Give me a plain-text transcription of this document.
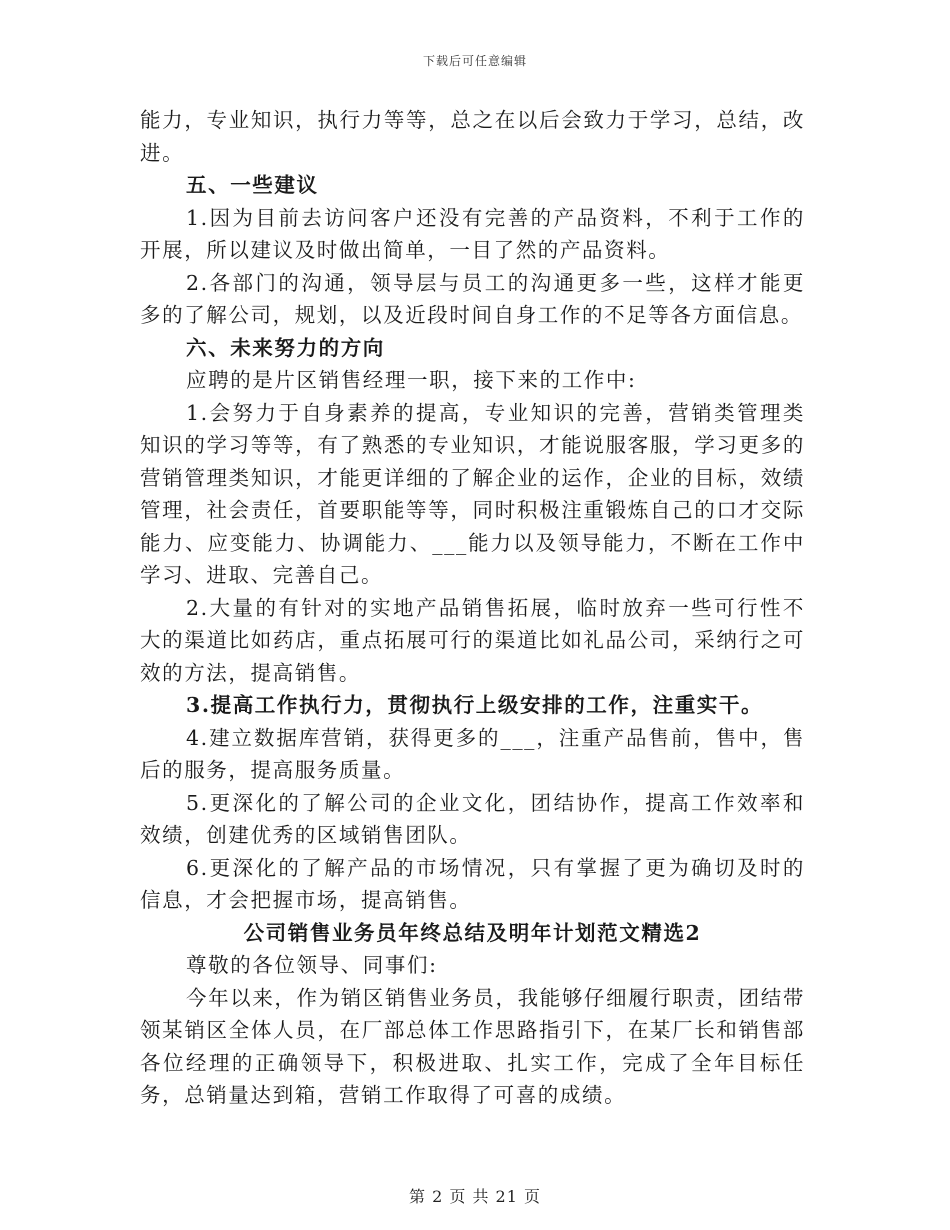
下载后可任意编辑

能力，专业知识，执行力等等，总之在以后会致力于学习，总结，改进。

五、一些建议

1.因为目前去访问客户还没有完善的产品资料，不利于工作的开展，所以建议及时做出简单，一目了然的产品资料。

2.各部门的沟通，领导层与员工的沟通更多一些，这样才能更多的了解公司，规划，以及近段时间自身工作的不足等各方面信息。

六、未来努力的方向

应聘的是片区销售经理一职，接下来的工作中:

1.会努力于自身素养的提高，专业知识的完善，营销类管理类知识的学习等等，有了熟悉的专业知识，才能说服客服，学习更多的营销管理类知识，才能更详细的了解企业的运作，企业的目标，效绩管理，社会责任，首要职能等等，同时积极注重锻炼自己的口才交际能力、应变能力、协调能力、___能力以及领导能力，不断在工作中学习、进取、完善自己。

2.大量的有针对的实地产品销售拓展，临时放弃一些可行性不大的渠道比如药店，重点拓展可行的渠道比如礼品公司，采纳行之可效的方法，提高销售。

3.提高工作执行力，贯彻执行上级安排的工作，注重实干。

4.建立数据库营销，获得更多的___，注重产品售前，售中，售后的服务，提高服务质量。

5.更深化的了解公司的企业文化，团结协作，提高工作效率和效绩，创建优秀的区域销售团队。

6.更深化的了解产品的市场情况，只有掌握了更为确切及时的信息，才会把握市场，提高销售。

公司销售业务员年终总结及明年计划范文精选2

尊敬的各位领导、同事们:

今年以来，作为销区销售业务员，我能够仔细履行职责，团结带领某销区全体人员，在厂部总体工作思路指引下，在某厂长和销售部各位经理的正确领导下，积极进取、扎实工作，完成了全年目标任务，总销量达到箱，营销工作取得了可喜的成绩。

第 2 页 共 21 页
